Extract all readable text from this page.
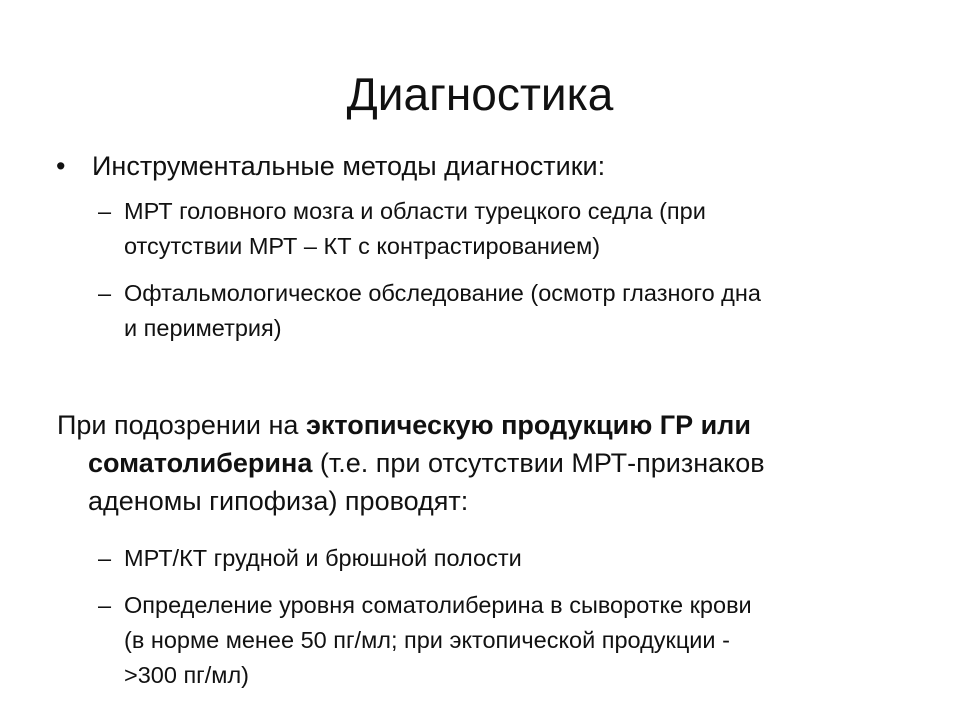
Диагностика
• Инструментальные методы диагностики:
– МРТ головного мозга и области турецкого седла (при
отсутствии МРТ – КТ с контрастированием)
– Офтальмологическое обследование (осмотр глазного дна
и периметрия)
При подозрении на эктопическую продукцию ГР или
соматолиберина (т.е. при отсутствии МРТ-признаков
аденомы гипофиза) проводят:
– МРТ/КТ грудной и брюшной полости
– Определение уровня соматолиберина в сыворотке крови
(в норме менее 50 пг/мл; при эктопической продукции -
>300 пг/мл)
